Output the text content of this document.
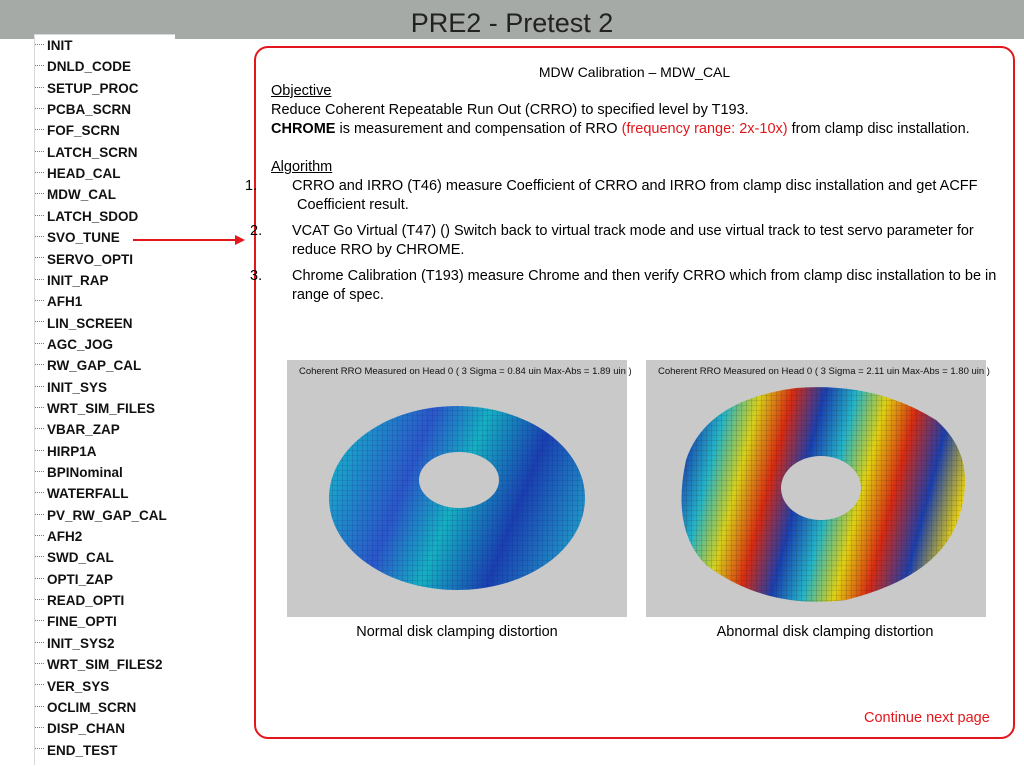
PRE2 - Pretest 2
INIT
DNLD_CODE
SETUP_PROC
PCBA_SCRN
FOF_SCRN
LATCH_SCRN
HEAD_CAL
MDW_CAL
LATCH_SDOD
SVO_TUNE
SERVO_OPTI
INIT_RAP
AFH1
LIN_SCREEN
AGC_JOG
RW_GAP_CAL
INIT_SYS
WRT_SIM_FILES
VBAR_ZAP
HIRP1A
BPINominal
WATERFALL
PV_RW_GAP_CAL
AFH2
SWD_CAL
OPTI_ZAP
READ_OPTI
FINE_OPTI
INIT_SYS2
WRT_SIM_FILES2
VER_SYS
OCLIM_SCRN
DISP_CHAN
END_TEST
MDW Calibration – MDW_CAL
Objective
Reduce Coherent Repeatable Run Out (CRRO) to specified level by T193.
CHROME is measurement and compensation of RRO (frequency range: 2x-10x) from clamp disc installation.
Algorithm
1. CRRO and IRRO (T46) measure Coefficient of CRRO and IRRO from clamp disc installation and get ACFF Coefficient result.
2. VCAT Go Virtual (T47) () Switch back to virtual track mode and use virtual track to test servo parameter for reduce RRO by CHROME.
3. Chrome Calibration (T193) measure Chrome and then verify CRRO which from clamp disc installation to be in range of spec.
Coherent RRO Measured on Head 0 ( 3 Sigma = 0.84 uin Max-Abs = 1.89 uin )
Normal disk clamping distortion
Coherent RRO Measured on Head 0 ( 3 Sigma = 2.11 uin Max-Abs = 1.80 uin )
Abnormal disk clamping distortion
Continue next page
